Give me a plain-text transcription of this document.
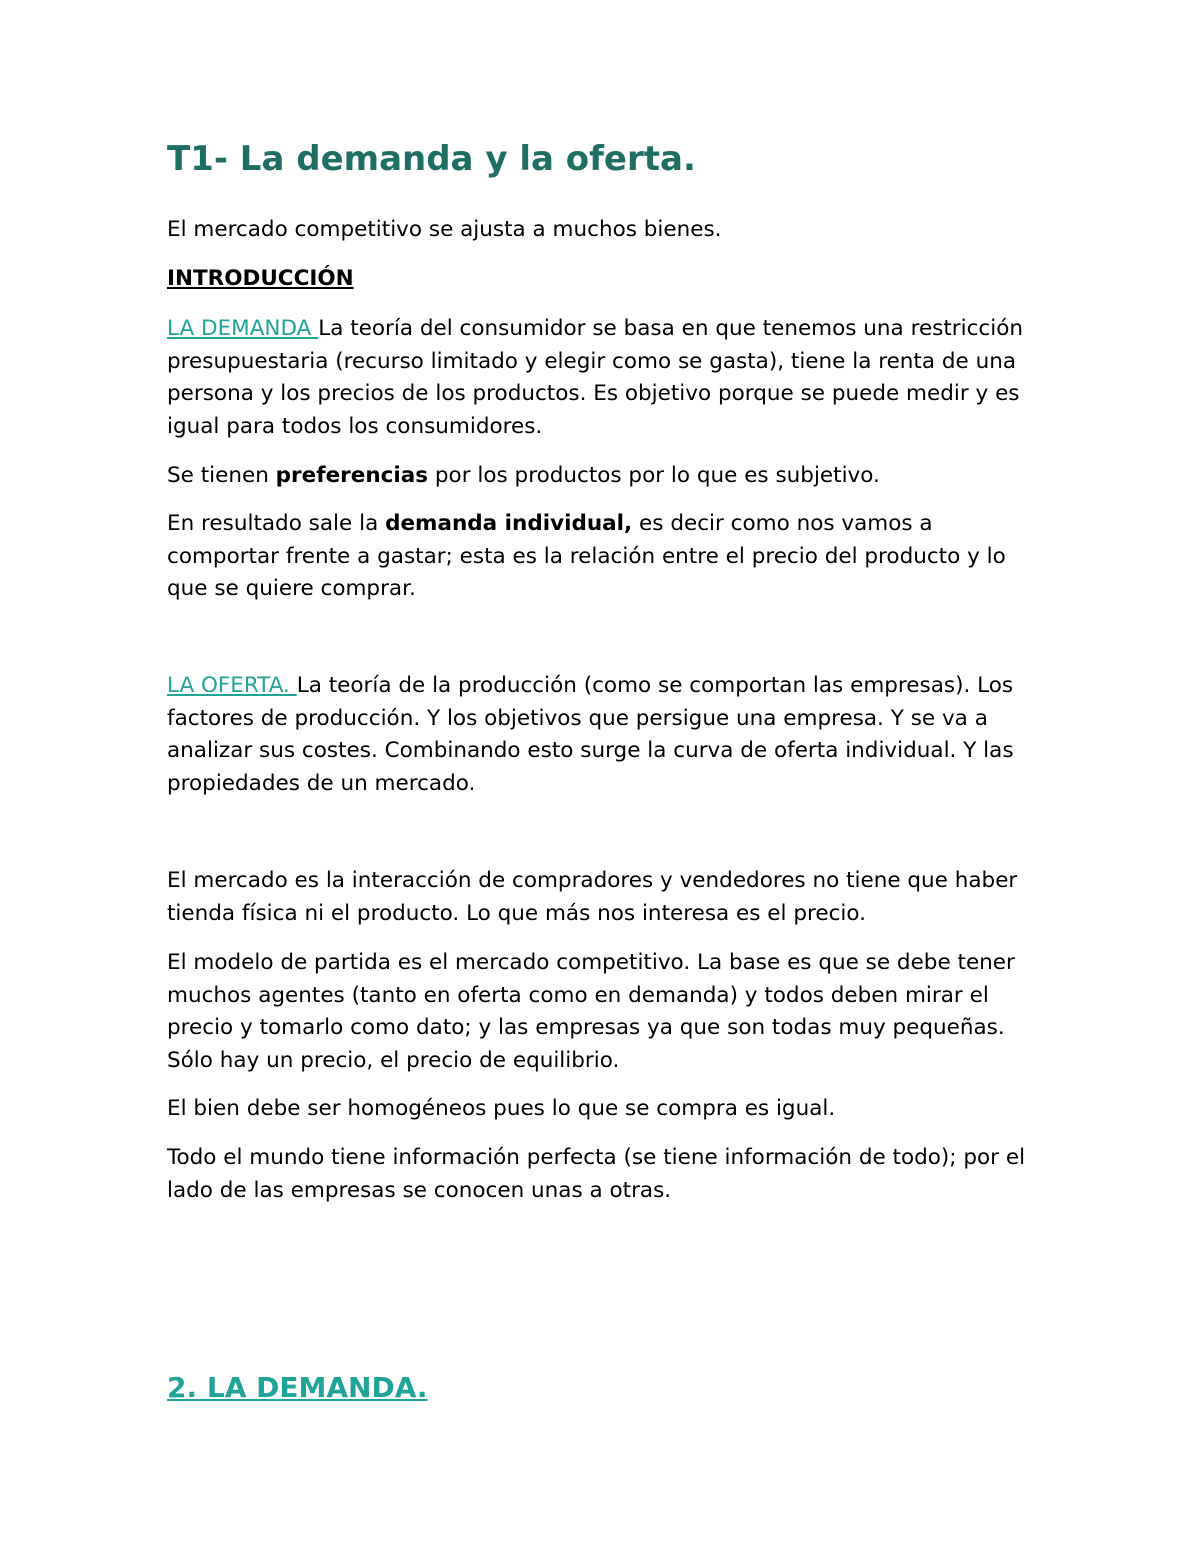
T1- La demanda y la oferta.

El mercado competitivo se ajusta a muchos bienes.

INTRODUCCIÓN

LA DEMANDA La teoría del consumidor se basa en que tenemos una restricción presupuestaria (recurso limitado y elegir como se gasta), tiene la renta de una persona y los precios de los productos. Es objetivo porque se puede medir y es igual para todos los consumidores.

Se tienen preferencias por los productos por lo que es subjetivo.

En resultado sale la demanda individual, es decir como nos vamos a comportar frente a gastar; esta es la relación entre el precio del producto y lo que se quiere comprar.

LA OFERTA. La teoría de la producción (como se comportan las empresas). Los factores de producción. Y los objetivos que persigue una empresa. Y se va a analizar sus costes. Combinando esto surge la curva de oferta individual. Y las propiedades de un mercado.

El mercado es la interacción de compradores y vendedores no tiene que haber tienda física ni el producto. Lo que más nos interesa es el precio.

El modelo de partida es el mercado competitivo. La base es que se debe tener muchos agentes (tanto en oferta como en demanda) y todos deben mirar el precio y tomarlo como dato; y las empresas ya que son todas muy pequeñas. Sólo hay un precio, el precio de equilibrio.

El bien debe ser homogéneos pues lo que se compra es igual.

Todo el mundo tiene información perfecta (se tiene información de todo); por el lado de las empresas se conocen unas a otras.

2. LA DEMANDA.
